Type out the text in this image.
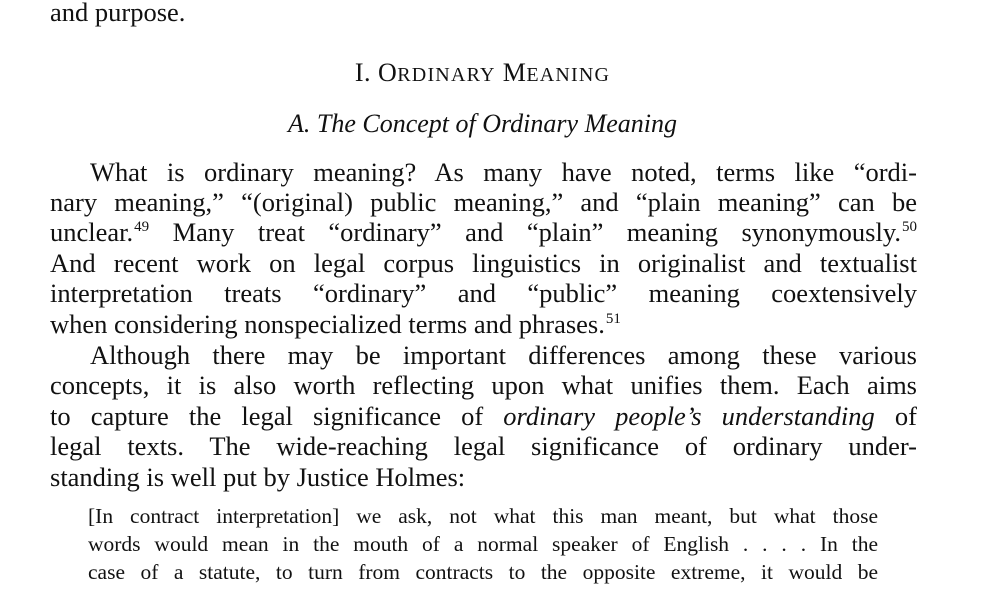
and purpose.
I. ORDINARY MEANING
A. The Concept of Ordinary Meaning
What is ordinary meaning? As many have noted, terms like “ordi-
nary meaning,” “(original) public meaning,” and “plain meaning” can be
unclear.$^{49}$ Many treat “ordinary” and “plain” meaning synonymously.$^{50}$
And recent work on legal corpus linguistics in originalist and textualist
interpretation treats “ordinary” and “public” meaning coextensively
when considering nonspecialized terms and phrases.$^{51}$
Although there may be important differences among these various
concepts, it is also worth reflecting upon what unifies them. Each aims
to capture the legal significance of ordinary people’s understanding of
legal texts. The wide-reaching legal significance of ordinary under-
standing is well put by Justice Holmes:
[In contract interpretation] we ask, not what this man meant, but what those
words would mean in the mouth of a normal speaker of English . . . . In the
case of a statute, to turn from contracts to the opposite extreme, it would be
